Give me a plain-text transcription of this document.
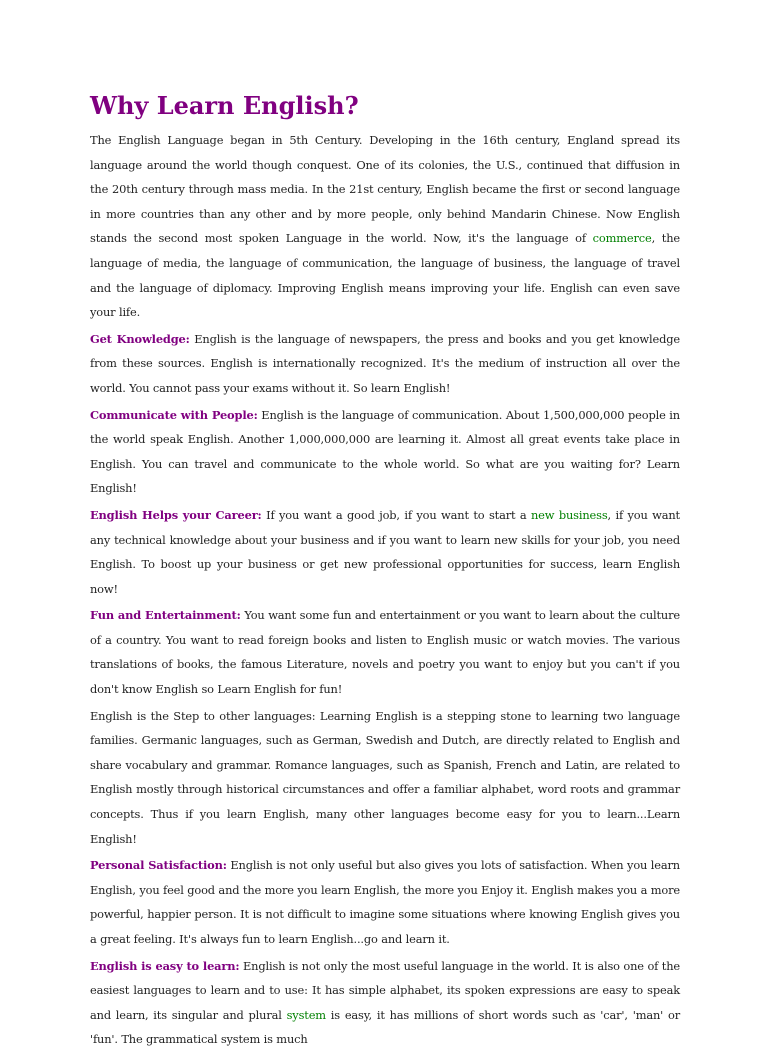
Why Learn English?

The English Language began in 5th Century. Developing in the 16th century, England spread its language around the world though conquest. One of its colonies, the U.S., continued that diffusion in the 20th century through mass media. In the 21st century, English became the first or second language in more countries than any other and by more people, only behind Mandarin Chinese. Now English stands the second most spoken Language in the world. Now, it's the language of commerce, the language of media, the language of communication, the language of business, the language of travel and the language of diplomacy. Improving English means improving your life. English can even save your life.

Get Knowledge: English is the language of newspapers, the press and books and you get knowledge from these sources. English is internationally recognized. It's the medium of instruction all over the world. You cannot pass your exams without it. So learn English!

Communicate with People: English is the language of communication. About 1,500,000,000 people in the world speak English. Another 1,000,000,000 are learning it. Almost all great events take place in English. You can travel and communicate to the whole world. So what are you waiting for? Learn English!

English Helps your Career: If you want a good job, if you want to start a new business, if you want any technical knowledge about your business and if you want to learn new skills for your job, you need English. To boost up your business or get new professional opportunities for success, learn English now!

Fun and Entertainment: You want some fun and entertainment or you want to learn about the culture of a country. You want to read foreign books and listen to English music or watch movies. The various translations of books, the famous Literature, novels and poetry you want to enjoy but you can't if you don't know English so Learn English for fun!

English is the Step to other languages: Learning English is a stepping stone to learning two language families. Germanic languages, such as German, Swedish and Dutch, are directly related to English and share vocabulary and grammar. Romance languages, such as Spanish, French and Latin, are related to English mostly through historical circumstances and offer a familiar alphabet, word roots and grammar concepts. Thus if you learn English, many other languages become easy for you to learn...Learn English!

Personal Satisfaction: English is not only useful but also gives you lots of satisfaction. When you learn English, you feel good and the more you learn English, the more you Enjoy it. English makes you a more powerful, happier person. It is not difficult to imagine some situations where knowing English gives you a great feeling. It's always fun to learn English...go and learn it.

English is easy to learn: English is not only the most useful language in the world. It is also one of the easiest languages to learn and to use: It has simple alphabet, its spoken expressions are easy to speak and learn, its singular and plural system is easy, it has millions of short words such as 'car', 'man' or 'fun'. The grammatical system is much
